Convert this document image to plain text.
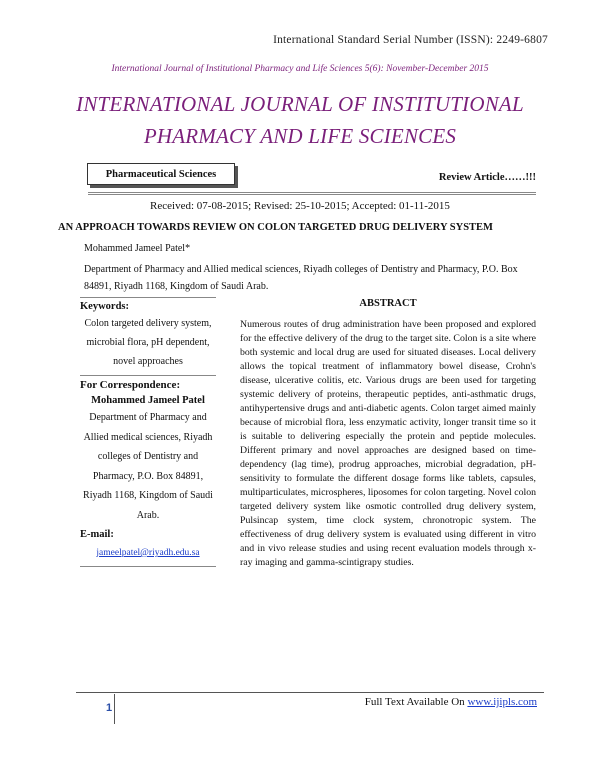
International Standard Serial Number (ISSN): 2249-6807
International Journal of Institutional Pharmacy and Life Sciences 5(6): November-December 2015
INTERNATIONAL JOURNAL OF INSTITUTIONAL
PHARMACY AND LIFE SCIENCES
Pharmaceutical Sciences	Review Article……!!!
Received: 07-08-2015; Revised: 25-10-2015; Accepted: 01-11-2015
AN APPROACH TOWARDS REVIEW ON COLON TARGETED DRUG DELIVERY SYSTEM
Mohammed Jameel Patel*
Department of Pharmacy and Allied medical sciences, Riyadh colleges of Dentistry and Pharmacy, P.O. Box 84891, Riyadh 1168, Kingdom of Saudi Arab.
Keywords:
Colon targeted delivery system, microbial flora, pH dependent, novel approaches
For Correspondence:
Mohammed Jameel Patel
Department of Pharmacy and Allied medical sciences, Riyadh colleges of Dentistry and Pharmacy, P.O. Box 84891, Riyadh 1168, Kingdom of Saudi Arab.
E-mail:
jameelpatel@riyadh.edu.sa
ABSTRACT
Numerous routes of drug administration have been proposed and explored for the effective delivery of the drug to the target site. Colon is a site where both systemic and local drug are used for situated diseases. Local delivery allows the topical treatment of inflammatory bowel disease, Crohn's disease, ulcerative colitis, etc. Various drugs are been used for targeting systemic delivery of proteins, therapeutic peptides, anti-asthmatic drugs, antihypertensive drugs and anti-diabetic agents. Colon target aimed mainly because of microbial flora, less enzymatic activity, longer transit time so it is suitable to delivering especially the protein and peptide molecules. Different primary and novel approaches are designed based on time-dependency (lag time), prodrug approaches, microbial degradation, pH-sensitivity to formulate the different dosage forms like tablets, capsules, multiparticulates, microspheres, liposomes for colon targeting. Novel colon targeted delivery system like osmotic controlled drug delivery system, Pulsincap system, time clock system, chronotropic system. The effectiveness of drug delivery system is evaluated using different in vitro and in vivo release studies and using recent evaluation models through x-ray imaging and gamma-scintigrapy studies.
1	Full Text Available On www.ijipls.com
